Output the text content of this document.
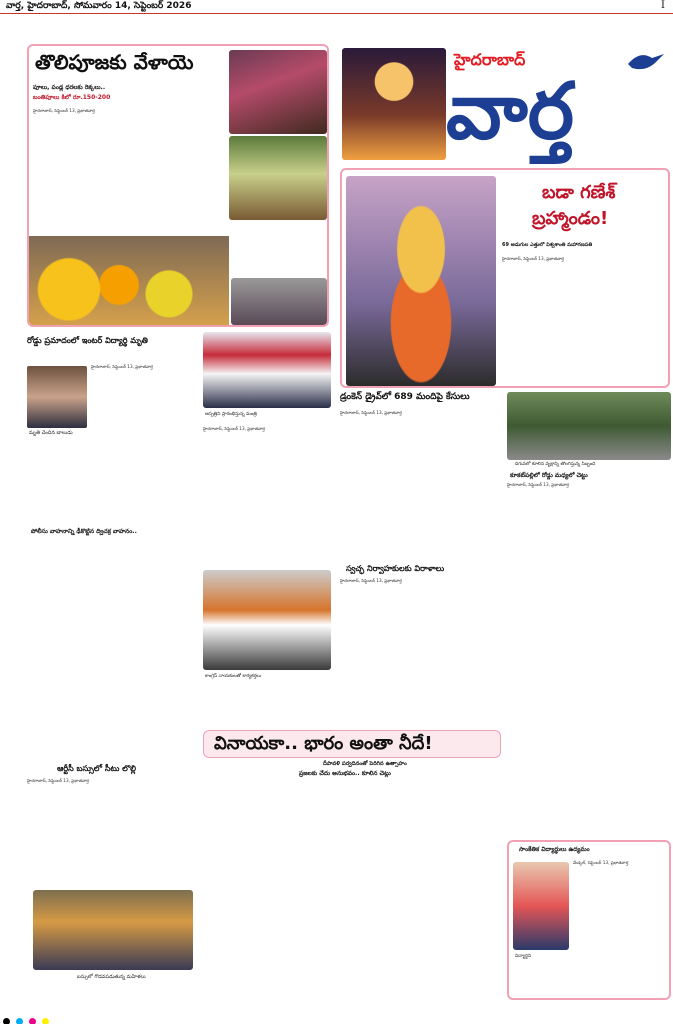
వార్త, హైదరాబాద్, సోమవారం 14, సెప్టెంబర్ 2026	I
తొలిపూజకు వేళాయె
పూలు, పండ్ల ధరలకు రెక్కలు..
బంతిపూలు కిలో రూ.150-200
హైదరాబాద్, సెప్టెంబర్ 13, ప్రభాతవార్త
హైదరాబాద్
వార్త
బడా గణేశ్
బ్రహ్మాండం!
69 అడుగుల ఎత్తులో విశ్వశాంతి మహాగణపతి
హైదరాబాద్, సెప్టెంబర్ 13, ప్రభాతవార్త
రోడ్డు ప్రమాదంలో ఇంటర్ విద్యార్థి మృతి
మృతి చెందిన బాలుడు
హైదరాబాద్, సెప్టెంబర్ 13, ప్రభాతవార్త
పోలీసు వాహనాన్ని ఢీకొట్టిన ద్విచక్ర వాహనం..
ఆస్పత్రిని ప్రారంభిస్తున్న మంత్రి
హైదరాబాద్, సెప్టెంబర్ 13, ప్రభాతవార్త
కాంగ్రెస్ నాయకులతో కార్యకర్తలు
డ్రంకెన్ డ్రైవ్‌లో 689 మందిపై కేసులు
హైదరాబాద్, సెప్టెంబర్ 13, ప్రభాతవార్త
దిగువలో కూలిన వృక్షాన్ని తొలగిస్తున్న సిబ్బంది
కూకట్‌పల్లిలో రోడ్డు మధ్యలో చెట్టు
హైదరాబాద్, సెప్టెంబర్ 13, ప్రభాతవార్త
స్వచ్ఛ నిర్వాహకులకు విరాళాలు
హైదరాబాద్, సెప్టెంబర్ 13, ప్రభాతవార్త
ఆర్టీసీ బస్సులో సీటు లొల్లి
హైదరాబాద్, సెప్టెంబర్ 13, ప్రభాతవార్త
బస్సులో గొడవపడుతున్న మహిళలు
వినాయకా.. భారం అంతా నీదే!
దీపావళి పర్వదినంతో పెరిగిన ఉత్సాహం
ప్రజలకు చేదు అనుభవం.. కూలిన చెట్లు
సాంకేతిక విద్యార్థులు ఉద్యమం
విద్యార్థిని
మేడ్చల్, సెప్టెంబర్ 13, ప్రభాతవార్త
